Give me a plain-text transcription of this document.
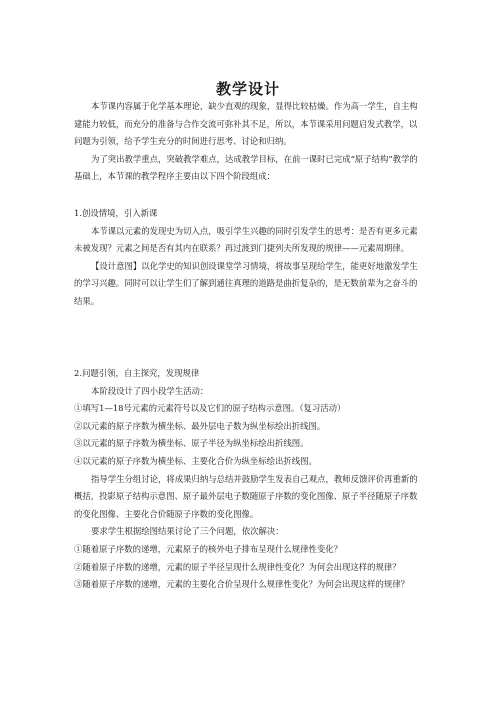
教学设计

本节课内容属于化学基本理论，缺少直观的现象，显得比较枯燥。作为高一学生，自主构建能力较低，而充分的准备与合作交流可弥补其不足，所以，本节课采用问题启发式教学，以问题为引领，给予学生充分的时间进行思考、讨论和归纳。

为了突出教学重点，突破教学难点，达成教学目标，在前一课时已完成“原子结构”教学的基础上，本节课的教学程序主要由以下四个阶段组成：

1.创设情境，引入新课

本节课以元素的发现史为切入点，吸引学生兴趣的同时引发学生的思考：是否有更多元素未被发现？元素之间是否有其内在联系？再过渡到门捷列夫所发现的规律——元素周期律。

【设计意图】以化学史的知识创设课堂学习情境，将故事呈现给学生，能更好地激发学生的学习兴趣。同时可以让学生们了解到通往真理的道路是曲折复杂的，是无数前辈为之奋斗的结果。

2.问题引领，自主探究，发现规律

本阶段设计了四小段学生活动：

①填写1—18号元素的元素符号以及它们的原子结构示意图。（复习活动）

②以元素的原子序数为横坐标、最外层电子数为纵坐标绘出折线图。

③以元素的原子序数为横坐标、原子半径为纵坐标绘出折线图。

④以元素的原子序数为横坐标、主要化合价为纵坐标绘出折线图。

指导学生分组讨论，将成果归纳与总结并鼓励学生发表自己观点，教师反馈评价再重新的概括，投影原子结构示意图、原子最外层电子数随原子序数的变化图像、原子半径随原子序数的变化图像、主要化合价随原子序数的变化图像。

要求学生根据绘图结果讨论了三个问题，依次解决：

①随着原子序数的递增，元素原子的核外电子排布呈现什么规律性变化？

②随着原子序数的递增，元素的原子半径呈现什么规律性变化？为何会出现这样的规律？

③随着原子序数的递增，元素的主要化合价呈现什么规律性变化？为何会出现这样的规律？
